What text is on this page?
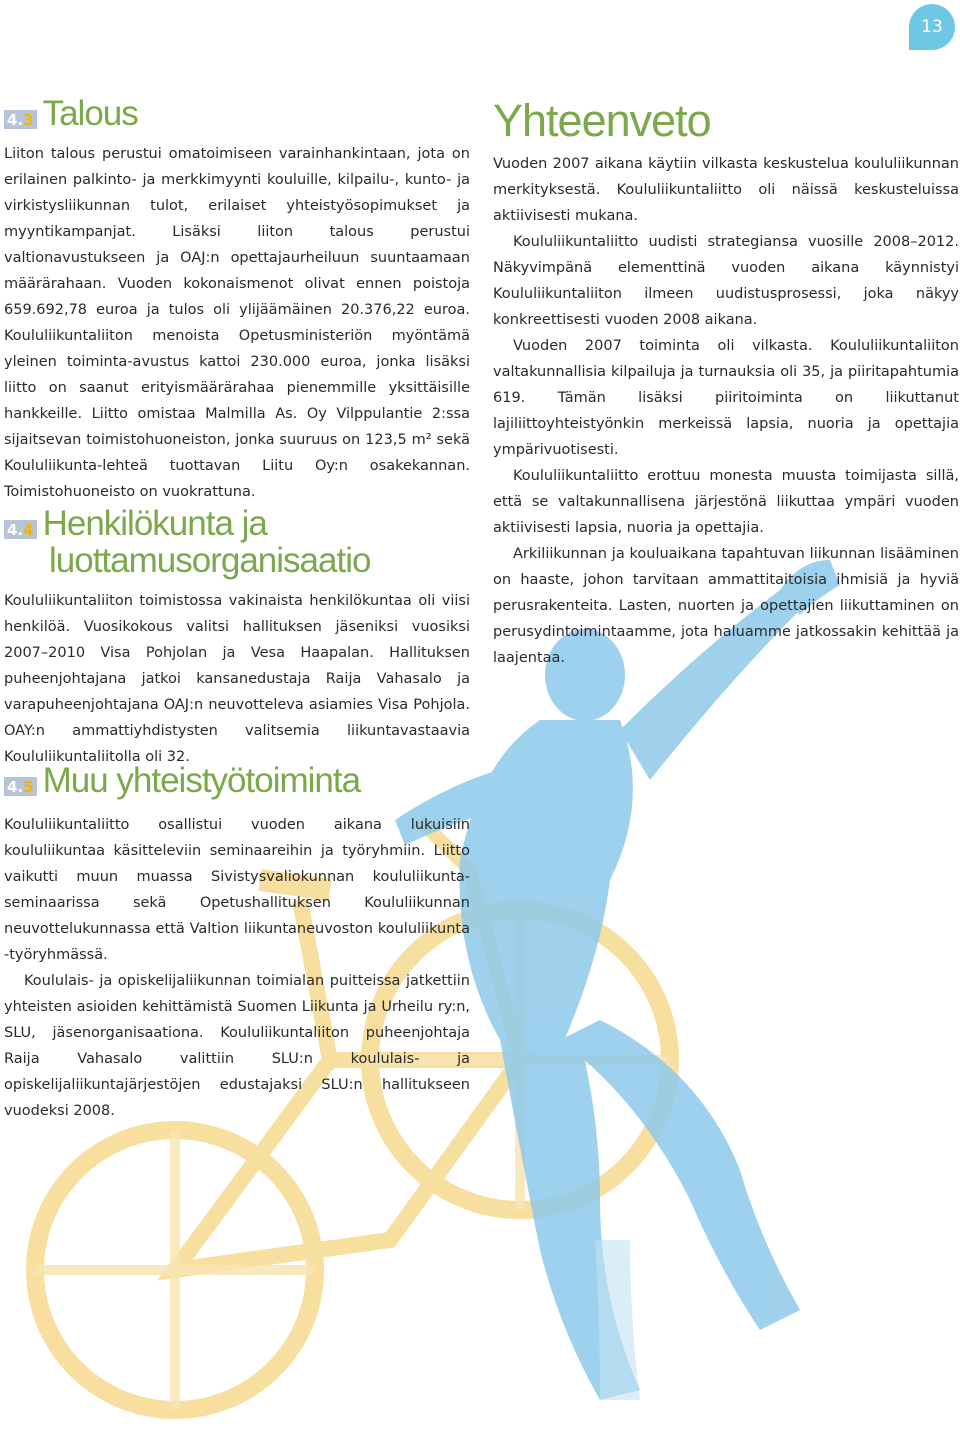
13
4.3 Talous

Liiton talous perustui omatoimiseen varainhankintaan, jota on erilainen palkinto- ja merkkimyynti kouluille, kilpailu-, kunto- ja virkistysliikunnan tulot, erilaiset yhteistyösopimukset ja myyntikampanjat. Lisäksi liiton talous perustui valtionavustukseen ja OAJ:n opettajaurheiluun suuntaamaan määrärahaan. Vuoden kokonaismenot olivat ennen poistoja 659.692,78 euroa ja tulos oli ylijäämäinen 20.376,22 euroa. Koululiikuntaliiton menoista Opetusministeriön myöntämä yleinen toiminta-avustus kattoi 230.000 euroa, jonka lisäksi liitto on saanut erityismäärärahaa pienemmille yksittäisille hankkeille. Liitto omistaa Malmilla As. Oy Vilppulantie 2:ssa sijaitsevan toimistohuoneiston, jonka suuruus on 123,5 m² sekä Koululiikunta-lehteä tuottavan Liitu Oy:n osakekannan. Toimistohuoneisto on vuokrattuna.

4.4 Henkilökunta ja
luottamusorganisaatio

Koululiikuntaliiton toimistossa vakinaista henkilökuntaa oli viisi henkilöä. Vuosikokous valitsi hallituksen jäseniksi vuosiksi 2007–2010 Visa Pohjolan ja Vesa Haapalan. Hallituksen puheenjohtajana jatkoi kansanedustaja Raija Vahasalo ja varapuheenjohtajana OAJ:n neuvotteleva asiamies Visa Pohjola. OAY:n ammattiyhdistysten valitsemia liikuntavastaavia Koululiikuntaliitolla oli 32.

4.5 Muu yhteistyötoiminta

Koululiikuntaliitto osallistui vuoden aikana lukuisiin koululiikuntaa käsitteleviin seminaareihin ja työryhmiin. Liitto vaikutti muun muassa Sivistysvaliokunnan koululiikunta-seminaarissa sekä Opetushallituksen Koululiikunnan neuvottelukunnassa että Valtion liikuntaneuvoston koululiikunta -työryhmässä.

Koululais- ja opiskelijaliikunnan toimialan puitteissa jatkettiin yhteisten asioiden kehittämistä Suomen Liikunta ja Urheilu ry:n, SLU, jäsenorganisaationa. Koululiikuntaliiton puheenjohtaja Raija Vahasalo valittiin SLU:n koululais- ja opiskelijaliikuntajärjestöjen edustajaksi SLU:n hallitukseen vuodeksi 2008.

Yhteenveto

Vuoden 2007 aikana käytiin vilkasta keskustelua koululiikunnan merkityksestä. Koululiikuntaliitto oli näissä keskusteluissa aktiivisesti mukana.

Koululiikuntaliitto uudisti strategiansa vuosille 2008–2012. Näkyvimpänä elementtinä vuoden aikana käynnistyi Koululiikuntaliiton ilmeen uudistusprosessi, joka näkyy konkreettisesti vuoden 2008 aikana.

Vuoden 2007 toiminta oli vilkasta. Koululiikuntaliiton valtakunnallisia kilpailuja ja turnauksia oli 35, ja piiritapahtumia 619. Tämän lisäksi piiritoiminta on liikuttanut lajiliittoyhteistyönkin merkeissä lapsia, nuoria ja opettajia ympärivuotisesti.

Koululiikuntaliitto erottuu monesta muusta toimijasta sillä, että se valtakunnallisena järjestönä liikuttaa ympäri vuoden aktiivisesti lapsia, nuoria ja opettajia.

Arkiliikunnan ja kouluaikana tapahtuvan liikunnan lisääminen on haaste, johon tarvitaan ammattitaitoisia ihmisiä ja hyviä perusrakenteita. Lasten, nuorten ja opettajien liikuttaminen on perusydintoimintaamme, jota haluamme jatkossakin kehittää ja laajentaa.
